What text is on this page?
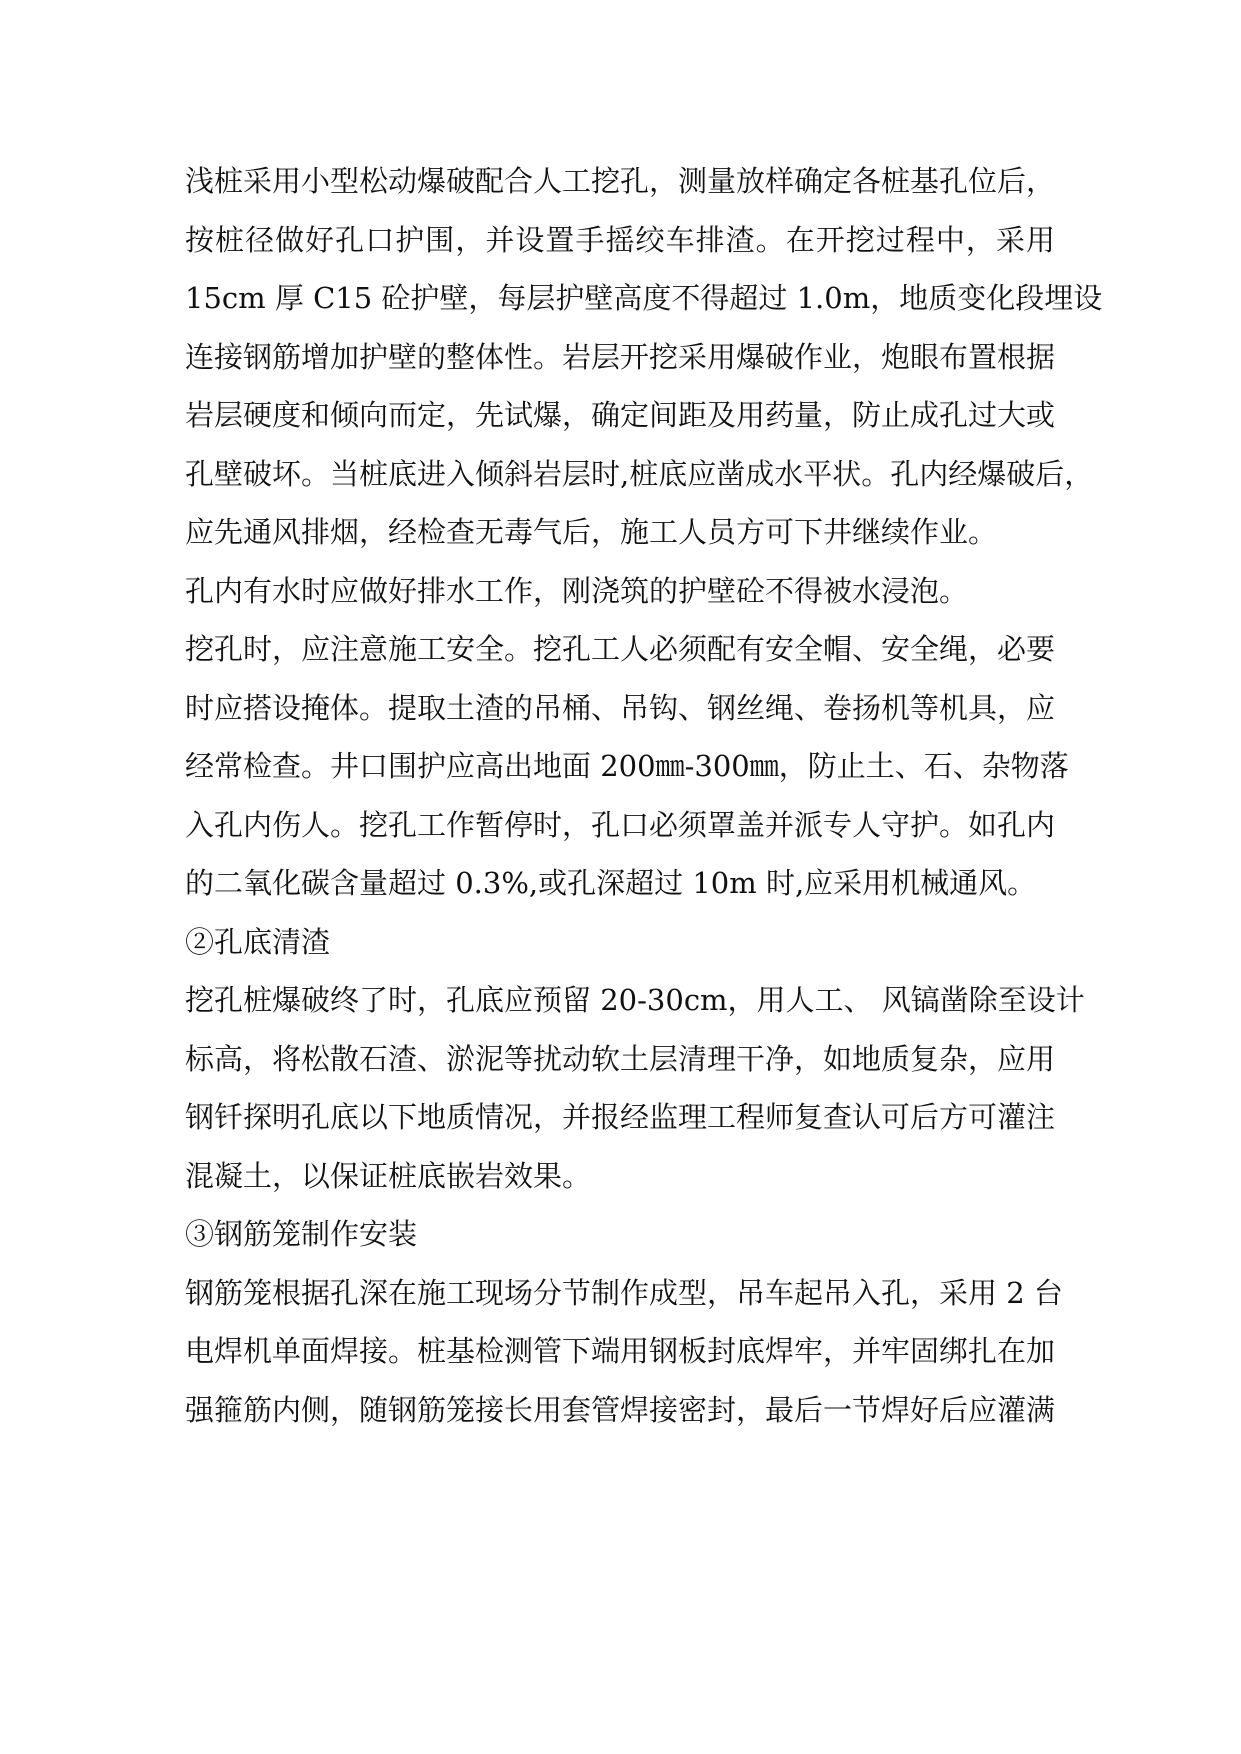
浅桩采用小型松动爆破配合人工挖孔，测量放样确定各桩基孔位后，
按桩径做好孔口护围，并设置手摇绞车排渣。在开挖过程中，采用
15cm 厚 C15 砼护壁，每层护壁高度不得超过 1.0m，地质变化段埋设
连接钢筋增加护壁的整体性。岩层开挖采用爆破作业，炮眼布置根据
岩层硬度和倾向而定，先试爆，确定间距及用药量，防止成孔过大或
孔壁破坏。当桩底进入倾斜岩层时,桩底应凿成水平状。孔内经爆破后，
应先通风排烟，经检查无毒气后，施工人员方可下井继续作业。
孔内有水时应做好排水工作，刚浇筑的护壁砼不得被水浸泡。
挖孔时，应注意施工安全。挖孔工人必须配有安全帽、安全绳，必要
时应搭设掩体。提取土渣的吊桶、吊钩、钢丝绳、卷扬机等机具，应
经常检查。井口围护应高出地面 200㎜-300㎜，防止土、石、杂物落
入孔内伤人。挖孔工作暂停时，孔口必须罩盖并派专人守护。如孔内
的二氧化碳含量超过 0.3%,或孔深超过 10m 时,应采用机械通风。
②孔底清渣
挖孔桩爆破终了时，孔底应预留 20-30cm，用人工、 风镐凿除至设计
标高，将松散石渣、淤泥等扰动软土层清理干净，如地质复杂，应用
钢钎探明孔底以下地质情况，并报经监理工程师复查认可后方可灌注
混凝土，以保证桩底嵌岩效果。
③钢筋笼制作安装
钢筋笼根据孔深在施工现场分节制作成型，吊车起吊入孔，采用 2 台
电焊机单面焊接。桩基检测管下端用钢板封底焊牢，并牢固绑扎在加
强箍筋内侧，随钢筋笼接长用套管焊接密封，最后一节焊好后应灌满
